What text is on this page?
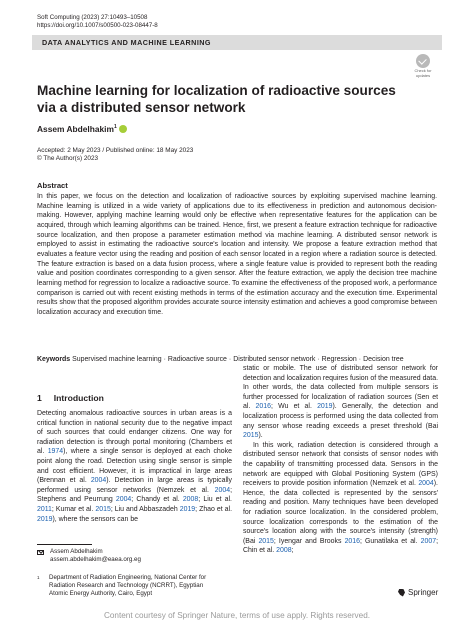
Soft Computing (2023) 27:10493–10508
https://doi.org/10.1007/s00500-023-08447-8
DATA ANALYTICS AND MACHINE LEARNING
Check for
updates
Machine learning for localization of radioactive sources via a distributed sensor network
Assem Abdelhakim$^1$
Accepted: 2 May 2023 / Published online: 18 May 2023
© The Author(s) 2023
Abstract
In this paper, we focus on the detection and localization of radioactive sources by exploiting supervised machine learning. Machine learning is utilized in a wide variety of applications due to its effectiveness in prediction and autonomous decision-making. However, applying machine learning would only be effective when representative features for the application can be acquired, through which learning algorithms can be trained. Hence, first, we present a feature extraction technique for radioactive source localization, and then propose a parameter estimation method via machine learning. A distributed sensor network is employed to assist in estimating the radioactive source's location and intensity. We propose a feature extraction method that evaluates a feature vector using the reading and position of each sensor located in a region where a radiation source is detected. The feature extraction is based on a data fusion process, where a single feature value is provided to represent both the reading value and position coordinates corresponding to a given sensor. After the feature extraction, we apply the decision tree machine learning method for regression to localize a radioactive source. To examine the effectiveness of the proposed work, a performance comparison is carried out with recent existing methods in terms of the estimation accuracy and the execution time. Experimental results show that the proposed algorithm provides accurate source intensity estimation and achieves a good compromise between localization accuracy and execution time.
Keywords Supervised machine learning · Radioactive source · Distributed sensor network · Regression · Decision tree
1 Introduction

Detecting anomalous radioactive sources in urban areas is a critical function in national security due to the negative impact of such sources that could endanger citizens. One way for radiation detection is through portal monitoring (Chambers et al. 1974), where a single sensor is deployed at each choke point along the road. Detection using single sensor is simple and cost efficient. However, it is impractical in large areas (Brennan et al. 2004). Detection in large areas is typically performed using sensor networks (Nemzek et al. 2004; Stephens and Peurrung 2004; Chandy et al. 2008; Liu et al. 2011; Kumar et al. 2015; Liu and Abbaszadeh 2019; Zhao et al. 2019), where the sensors can be

static or mobile. The use of distributed sensor network for detection and localization requires fusion of the measured data. In other words, the data collected from multiple sensors is further processed for localization of radiation sources (Sen et al. 2016; Wu et al. 2019). Generally, the detection and localization process is performed using the data collected from any sensor whose reading exceeds a preset threshold (Bai 2015).

In this work, radiation detection is considered through a distributed sensor network that consists of sensor nodes with the capability of transmitting processed data. Sensors in the network are equipped with Global Positioning System (GPS) receivers to provide position information (Nemzek et al. 2004). Hence, the data collected is represented by the sensors' reading and position. Many techniques have been developed for radiation source localization. In the considered problem, source localization corresponds to the estimation of the source's location along with the source's intensity (strength) (Bai 2015; Iyengar and Brooks 2016; Gunatilaka et al. 2007; Chin et al. 2008;

Assem Abdelhakim
assem.abdelhakim@eaea.org.eg
1	Department of Radiation Engineering, National Center for
Radiation Research and Technology (NCRRT), Egyptian
Atomic Energy Authority, Cairo, Egypt	Springer
Content courtesy of Springer Nature, terms of use apply. Rights reserved.
